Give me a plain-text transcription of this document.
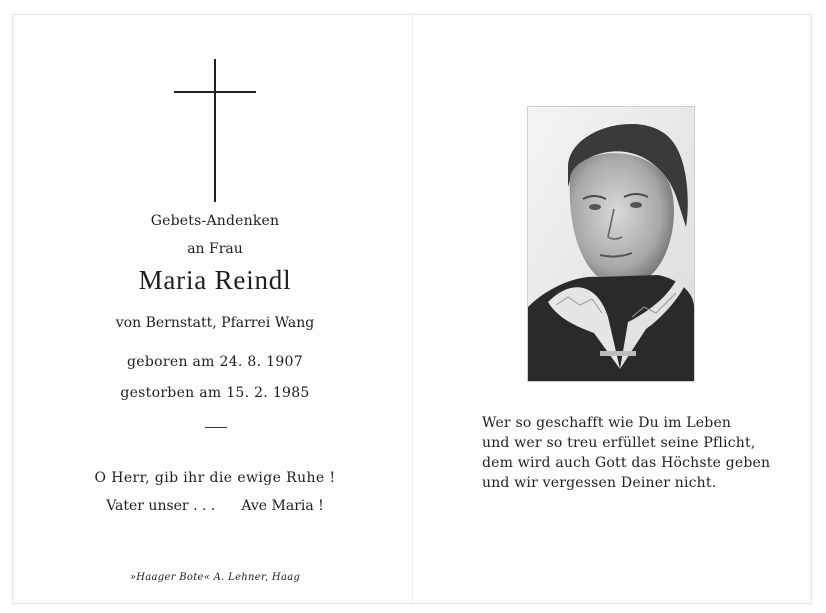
Gebets-Andenken
an Frau
Maria Reindl
von Bernstatt, Pfarrei Wang
geboren am 24. 8. 1907
gestorben am 15. 2. 1985
O Herr, gib ihr die ewige Ruhe !
Vater unser . . . Ave Maria !
»Haager Bote« A. Lehner, Haag
Wer so geschafft wie Du im Leben
und wer so treu erfüllet seine Pflicht,
dem wird auch Gott das Höchste geben
und wir vergessen Deiner nicht.
